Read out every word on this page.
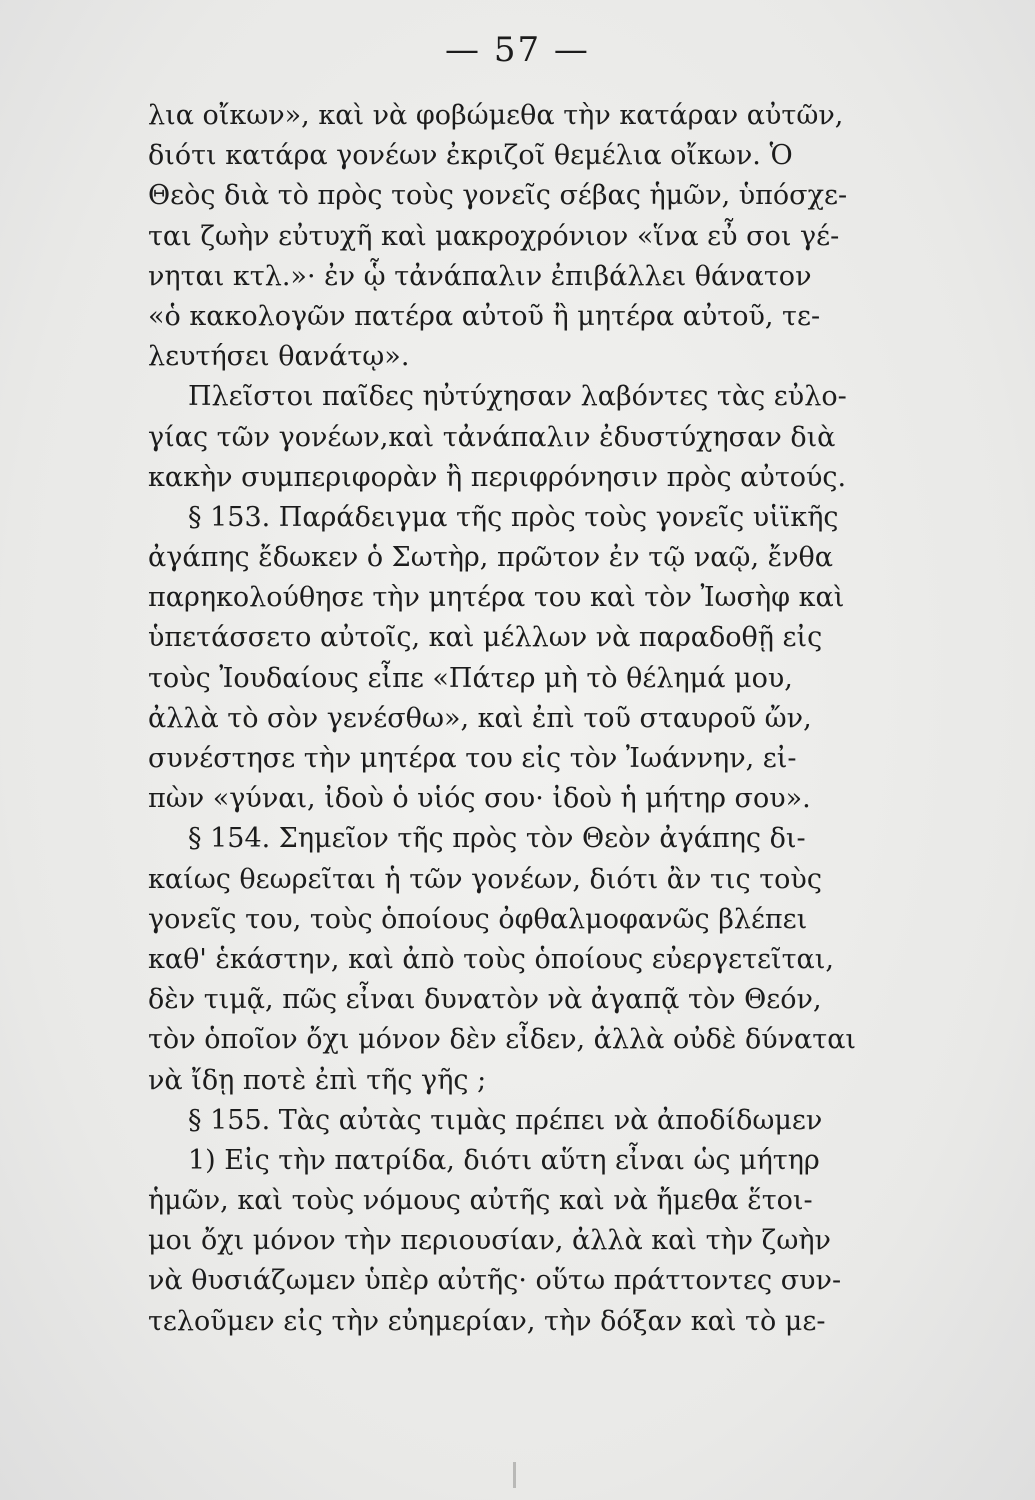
— 57 —
λια οἴκων», καὶ νὰ φοβώμεθα τὴν κατάραν αὐτῶν,
διότι κατάρα γονέων ἐκριζοῖ θεμέλια οἴκων. Ὁ
Θεὸς διὰ τὸ πρὸς τοὺς γονεῖς σέβας ἡμῶν, ὑπόσχε-
ται ζωὴν εὐτυχῆ καὶ μακροχρόνιον «ἵνα εὖ σοι γέ-
νηται κτλ.»· ἐν ᾧ τἀνάπαλιν ἐπιβάλλει θάνατον
«ὁ κακολογῶν πατέρα αὐτοῦ ἢ μητέρα αὐτοῦ, τε-
λευτήσει θανάτῳ».
Πλεῖστοι παῖδες ηὐτύχησαν λαβόντες τὰς εὐλο-
γίας τῶν γονέων,καὶ τἀνάπαλιν ἐδυστύχησαν διὰ
κακὴν συμπεριφορὰν ἢ περιφρόνησιν πρὸς αὐτούς.
§ 153. Παράδειγμα τῆς πρὸς τοὺς γονεῖς υἱϊκῆς
ἀγάπης ἔδωκεν ὁ Σωτὴρ, πρῶτον ἐν τῷ ναῷ, ἔνθα
παρηκολούθησε τὴν μητέρα του καὶ τὸν Ἰωσὴφ καὶ
ὑπετάσσετο αὐτοῖς, καὶ μέλλων νὰ παραδοθῇ εἰς
τοὺς Ἰουδαίους εἶπε «Πάτερ μὴ τὸ θέλημά μου,
ἀλλὰ τὸ σὸν γενέσθω», καὶ ἐπὶ τοῦ σταυροῦ ὤν,
συνέστησε τὴν μητέρα του εἰς τὸν Ἰωάννην, εἰ-
πὼν «γύναι, ἰδοὺ ὁ υἱός σου· ἰδοὺ ἡ μήτηρ σου».
§ 154. Σημεῖον τῆς πρὸς τὸν Θεὸν ἀγάπης δι-
καίως θεωρεῖται ἡ τῶν γονέων, διότι ἂν τις τοὺς
γονεῖς του, τοὺς ὁποίους ὀφθαλμοφανῶς βλέπει
καθ' ἑκάστην, καὶ ἀπὸ τοὺς ὁποίους εὐεργετεῖται,
δὲν τιμᾷ, πῶς εἶναι δυνατὸν νὰ ἀγαπᾷ τὸν Θεόν,
τὸν ὁποῖον ὄχι μόνον δὲν εἶδεν, ἀλλὰ οὐδὲ δύναται
νὰ ἴδῃ ποτὲ ἐπὶ τῆς γῆς ;
§ 155. Τὰς αὐτὰς τιμὰς πρέπει νὰ ἀποδίδωμεν
1) Εἰς τὴν πατρίδα, διότι αὕτη εἶναι ὡς μήτηρ
ἡμῶν, καὶ τοὺς νόμους αὐτῆς καὶ νὰ ἤμεθα ἕτοι-
μοι ὄχι μόνον τὴν περιουσίαν, ἀλλὰ καὶ τὴν ζωὴν
νὰ θυσιάζωμεν ὑπὲρ αὐτῆς· οὕτω πράττοντες συν-
τελοῦμεν εἰς τὴν εὐημερίαν, τὴν δόξαν καὶ τὸ με-
